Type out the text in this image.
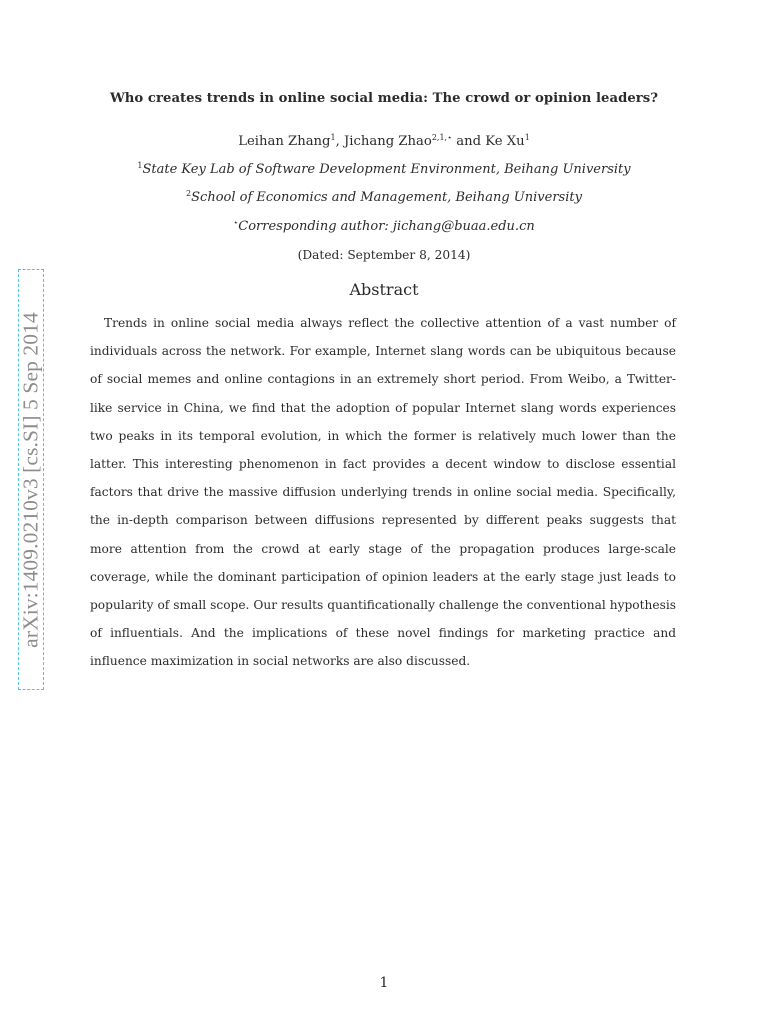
arXiv:1409.0210v3 [cs.SI] 5 Sep 2014
Who creates trends in online social media: The crowd or opinion leaders?
Leihan Zhang$^1$, Jichang Zhao$^{2,1,⋆}$ and Ke Xu$^1$
$^1$State Key Lab of Software Development Environment, Beihang University
$^2$School of Economics and Management, Beihang University
⋆Corresponding author: jichang@buaa.edu.cn
(Dated: September 8, 2014)
Abstract
Trends in online social media always reflect the collective attention of a vast number of individuals across the network. For example, Internet slang words can be ubiquitous because of social memes and online contagions in an extremely short period. From Weibo, a Twitter-like service in China, we find that the adoption of popular Internet slang words experiences two peaks in its temporal evolution, in which the former is relatively much lower than the latter. This interesting phenomenon in fact provides a decent window to disclose essential factors that drive the massive diffusion underlying trends in online social media. Specifically, the in-depth comparison between diffusions represented by different peaks suggests that more attention from the crowd at early stage of the propagation produces large-scale coverage, while the dominant participation of opinion leaders at the early stage just leads to popularity of small scope. Our results quantificationally challenge the conventional hypothesis of influentials. And the implications of these novel findings for marketing practice and influence maximization in social networks are also discussed.
1
